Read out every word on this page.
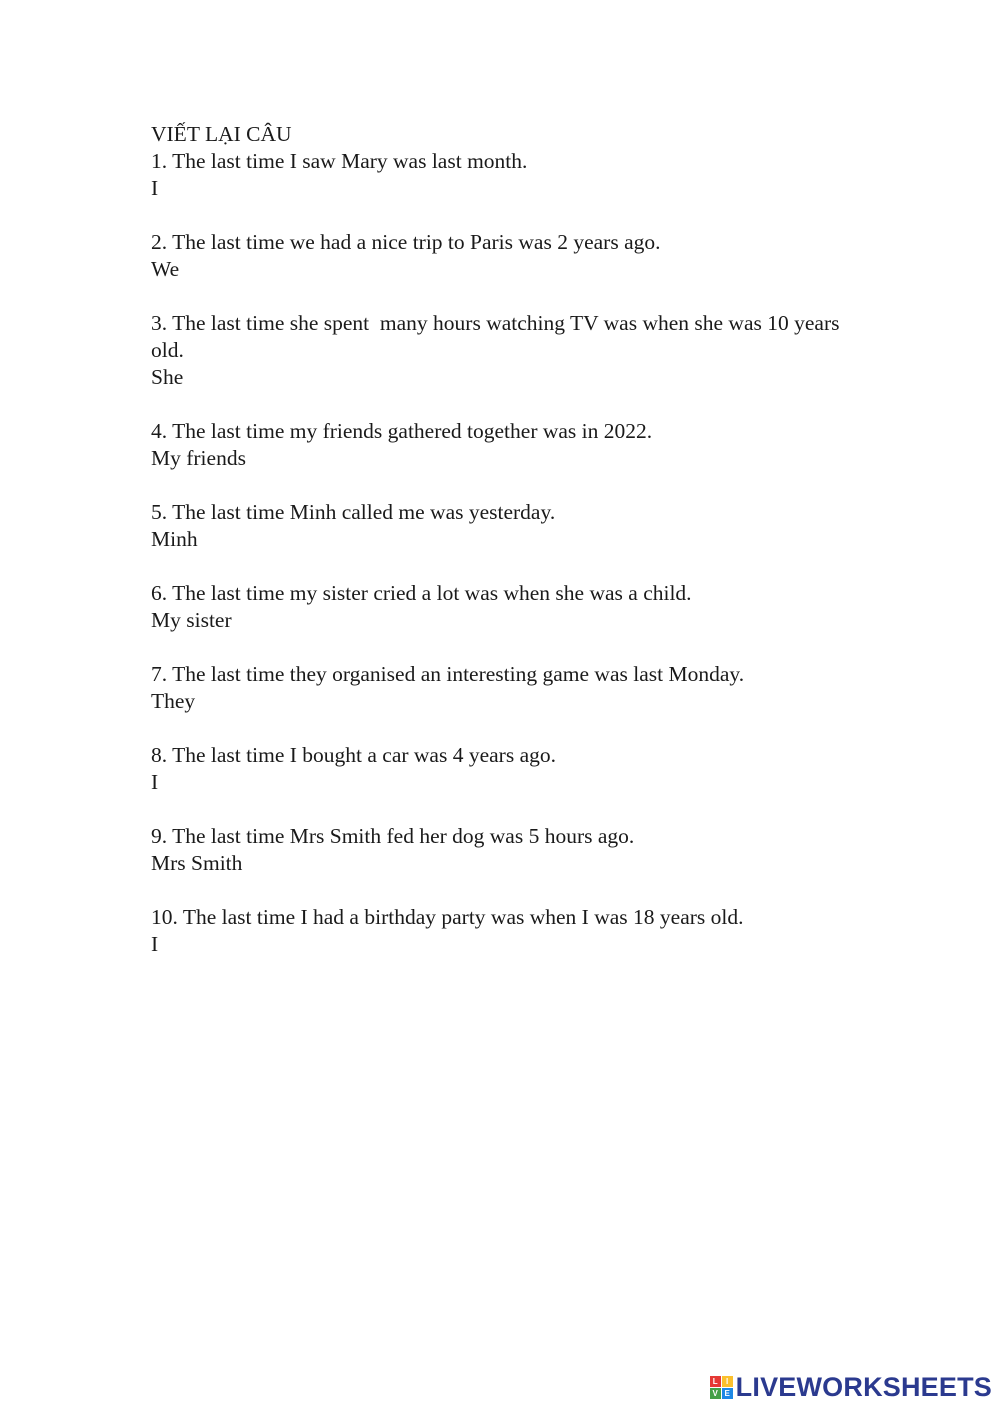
VIẾT LẠI CÂU

1. The last time I saw Mary was last month.

I

2. The last time we had a nice trip to Paris was 2 years ago.

We

3. The last time she spent  many hours watching TV was when she was 10 years old.

She

4. The last time my friends gathered together was in 2022.

My friends

5. The last time Minh called me was yesterday.

Minh

6. The last time my sister cried a lot was when she was a child.

My sister

7. The last time they organised an interesting game was last Monday.

They

8. The last time I bought a car was 4 years ago.

I

9. The last time Mrs Smith fed her dog was 5 hours ago.

Mrs Smith

10. The last time I had a birthday party was when I was 18 years old.

I

L	I
V E LIVEWORKSHEETS
